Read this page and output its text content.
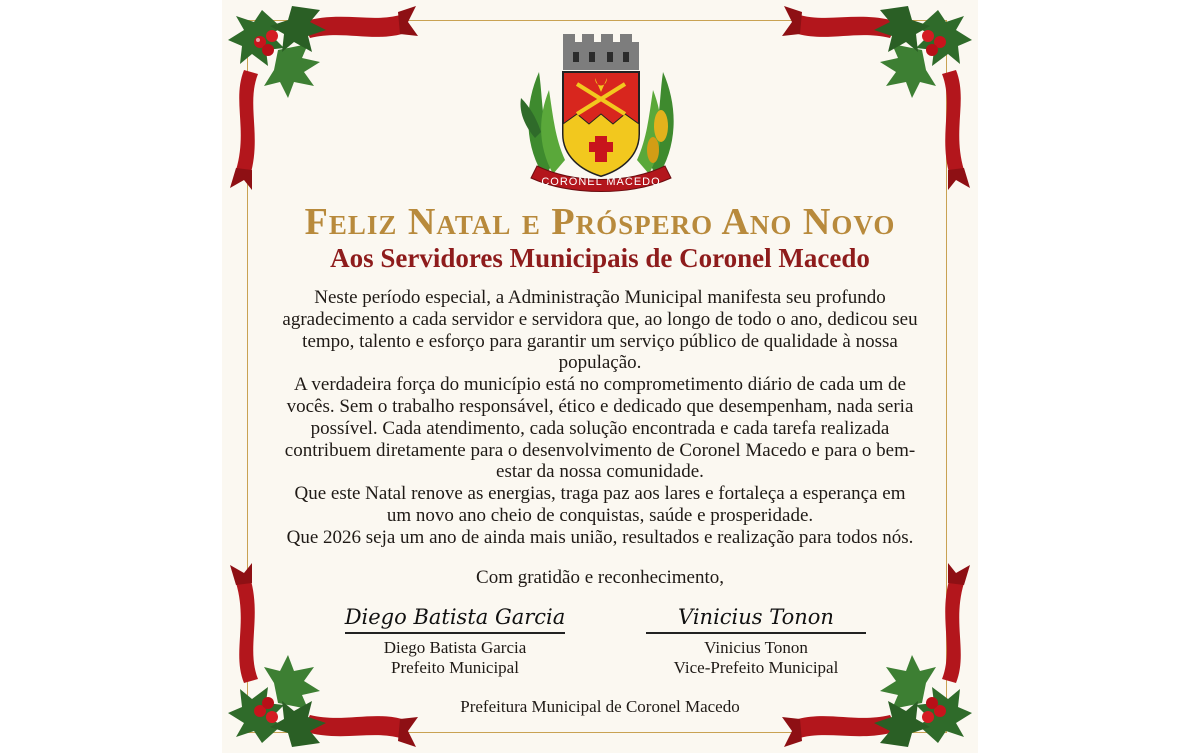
CORONEL MACEDO
Feliz Natal e Próspero Ano Novo
Aos Servidores Municipais de Coronel Macedo

Neste período especial, a Administração Municipal manifesta seu profundo agradecimento a cada servidor e servidora que, ao longo de todo o ano, dedicou seu tempo, talento e esforço para garantir um serviço público de qualidade à nossa população.

A verdadeira força do município está no comprometimento diário de cada um de vocês. Sem o trabalho responsável, ético e dedicado que desempenham, nada seria possível. Cada atendimento, cada solução encontrada e cada tarefa realizada contribuem diretamente para o desenvolvimento de Coronel Macedo e para o bem-estar da nossa comunidade.

Que este Natal renove as energias, traga paz aos lares e fortaleça a esperança em um novo ano cheio de conquistas, saúde e prosperidade.

Que 2026 seja um ano de ainda mais união, resultados e realização para todos nós.

Com gratidão e reconhecimento,
Diego Batista Garcia
Diego Batista Garcia
Prefeito Municipal
Vinicius Tonon
Vinicius Tonon
Vice-Prefeito Municipal
Prefeitura Municipal de Coronel Macedo
